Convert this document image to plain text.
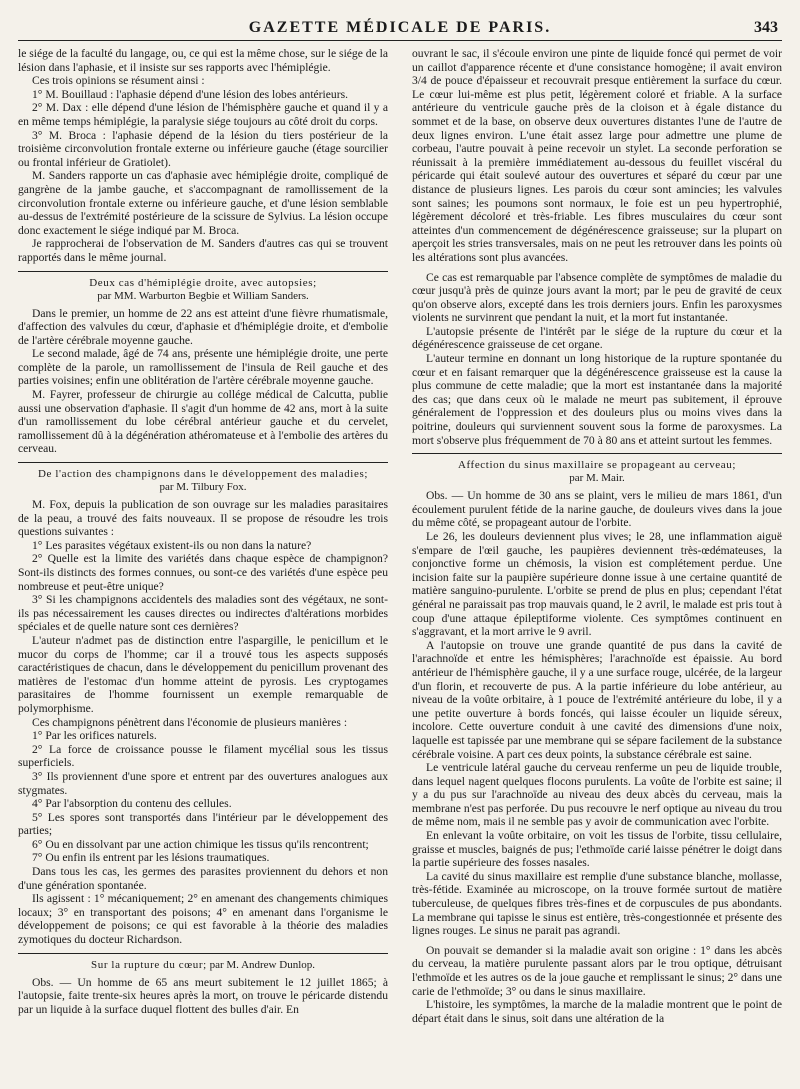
GAZETTE MÉDICALE DE PARIS.	343

le siége de la faculté du langage, ou, ce qui est la même chose, sur le siége de la lésion dans l'aphasie, et il insiste sur ses rapports avec l'hémiplégie.

Ces trois opinions se résument ainsi :

1° M. Bouillaud : l'aphasie dépend d'une lésion des lobes antérieurs.

2° M. Dax : elle dépend d'une lésion de l'hémisphère gauche et quand il y a en même temps hémiplégie, la paralysie siége toujours au côté droit du corps.

3° M. Broca : l'aphasie dépend de la lésion du tiers postérieur de la troisième circonvolution frontale externe ou inférieure gauche (étage sourcilier ou frontal inférieur de Gratiolet).

M. Sanders rapporte un cas d'aphasie avec hémiplégie droite, compliqué de gangrène de la jambe gauche, et s'accompagnant de ramollissement de la circonvolution frontale externe ou inférieure gauche, et d'une lésion semblable au-dessus de l'extrémité postérieure de la scissure de Sylvius. La lésion occupe donc exactement le siége indiqué par M. Broca.

Je rapprocherai de l'observation de M. Sanders d'autres cas qui se trouvent rapportés dans le même journal.

Deux cas d'hémiplégie droite, avec autopsies;
par MM. Warburton Begbie et William Sanders.

Dans le premier, un homme de 22 ans est atteint d'une fièvre rhumatismale, d'affection des valvules du cœur, d'aphasie et d'hémiplégie droite, et d'embolie de l'artère cérébrale moyenne gauche.

Le second malade, âgé de 74 ans, présente une hémiplégie droite, une perte complète de la parole, un ramollissement de l'insula de Reil gauche et des parties voisines; enfin une oblitération de l'artère cérébrale moyenne gauche.

M. Fayrer, professeur de chirurgie au collége médical de Calcutta, publie aussi une observation d'aphasie. Il s'agit d'un homme de 42 ans, mort à la suite d'un ramollissement du lobe cérébral antérieur gauche et du cervelet, ramollissement dû à la dégénération athéromateuse et à l'embolie des artères du cerveau.

De l'action des champignons dans le développement des maladies;
par M. Tilbury Fox.

M. Fox, depuis la publication de son ouvrage sur les maladies parasitaires de la peau, a trouvé des faits nouveaux. Il se propose de résoudre les trois questions suivantes :

1° Les parasites végétaux existent-ils ou non dans la nature?

2° Quelle est la limite des variétés dans chaque espèce de champignon? Sont-ils distincts des formes connues, ou sont-ce des variétés d'une espèce peu nombreuse et peut-être unique?

3° Si les champignons accidentels des maladies sont des végétaux, ne sont-ils pas nécessairement les causes directes ou indirectes d'altérations morbides spéciales et de quelle nature sont ces dernières?

L'auteur n'admet pas de distinction entre l'aspargille, le penicillum et le mucor du corps de l'homme; car il a trouvé tous les aspects supposés caractéristiques de chacun, dans le développement du penicillum provenant des matières de l'estomac d'un homme atteint de pyrosis. Les cryptogames parasitaires de l'homme fournissent un exemple remarquable de polymorphisme.

Ces champignons pénètrent dans l'économie de plusieurs manières :

1° Par les orifices naturels.

2° La force de croissance pousse le filament mycélial sous les tissus superficiels.

3° Ils proviennent d'une spore et entrent par des ouvertures analogues aux stygmates.

4° Par l'absorption du contenu des cellules.

5° Les spores sont transportés dans l'intérieur par le développement des parties;

6° Ou en dissolvant par une action chimique les tissus qu'ils rencontrent;

7° Ou enfin ils entrent par les lésions traumatiques.

Dans tous les cas, les germes des parasites proviennent du dehors et non d'une génération spontanée.

Ils agissent : 1° mécaniquement; 2° en amenant des changements chimiques locaux; 3° en transportant des poisons; 4° en amenant dans l'organisme le développement de poisons; ce qui est favorable à la théorie des maladies zymotiques du docteur Richardson.

Sur la rupture du cœur; par M. Andrew Dunlop.

Obs. — Un homme de 65 ans meurt subitement le 12 juillet 1865; à l'autopsie, faite trente-six heures après la mort, on trouve le péricarde distendu par un liquide à la surface duquel flottent des bulles d'air. En

ouvrant le sac, il s'écoule environ une pinte de liquide foncé qui permet de voir un caillot d'apparence récente et d'une consistance homogène; il avait environ 3/4 de pouce d'épaisseur et recouvrait presque entièrement la surface du cœur. Le cœur lui-même est plus petit, légèrement coloré et friable. A la surface antérieure du ventricule gauche près de la cloison et à égale distance du sommet et de la base, on observe deux ouvertures distantes l'une de l'autre de deux lignes environ. L'une était assez large pour admettre une plume de corbeau, l'autre pouvait à peine recevoir un stylet. La seconde perforation se réunissait à la première immédiatement au-dessous du feuillet viscéral du péricarde qui était soulevé autour des ouvertures et séparé du cœur par une distance de plusieurs lignes. Les parois du cœur sont amincies; les valvules sont saines; les poumons sont normaux, le foie est un peu hypertrophié, légèrement décoloré et très-friable. Les fibres musculaires du cœur sont atteintes d'un commencement de dégénérescence graisseuse; sur la plupart on aperçoit les stries transversales, mais on ne peut les retrouver dans les points où les altérations sont plus avancées.

Ce cas est remarquable par l'absence complète de symptômes de maladie du cœur jusqu'à près de quinze jours avant la mort; par le peu de gravité de ceux qu'on observe alors, excepté dans les trois derniers jours. Enfin les paroxysmes violents ne survinrent que pendant la nuit, et la mort fut instantanée.

L'autopsie présente de l'intérêt par le siége de la rupture du cœur et la dégénérescence graisseuse de cet organe.

L'auteur termine en donnant un long historique de la rupture spontanée du cœur et en faisant remarquer que la dégénérescence graisseuse est la cause la plus commune de cette maladie; que la mort est instantanée dans la majorité des cas; que dans ceux où le malade ne meurt pas subitement, il éprouve généralement de l'oppression et des douleurs plus ou moins vives dans la poitrine, douleurs qui surviennent souvent sous la forme de paroxysmes. La mort s'observe plus fréquemment de 70 à 80 ans et atteint surtout les femmes.

Affection du sinus maxillaire se propageant au cerveau;
par M. Mair.

Obs. — Un homme de 30 ans se plaint, vers le milieu de mars 1861, d'un écoulement purulent fétide de la narine gauche, de douleurs vives dans la joue du même côté, se propageant autour de l'orbite.

Le 26, les douleurs deviennent plus vives; le 28, une inflammation aiguë s'empare de l'œil gauche, les paupières deviennent très-œdémateuses, la conjonctive forme un chémosis, la vision est complétement perdue. Une incision faite sur la paupière supérieure donne issue à une certaine quantité de matière sanguino-purulente. L'orbite se prend de plus en plus; cependant l'état général ne paraissait pas trop mauvais quand, le 2 avril, le malade est pris tout à coup d'une attaque épileptiforme violente. Ces symptômes continuent en s'aggravant, et la mort arrive le 9 avril.

A l'autopsie on trouve une grande quantité de pus dans la cavité de l'arachnoïde et entre les hémisphères; l'arachnoïde est épaissie. Au bord antérieur de l'hémisphère gauche, il y a une surface rouge, ulcérée, de la largeur d'un florin, et recouverte de pus. A la partie inférieure du lobe antérieur, au niveau de la voûte orbitaire, à 1 pouce de l'extrémité antérieure du lobe, il y a une petite ouverture à bords foncés, qui laisse écouler un liquide séreux, incolore. Cette ouverture conduit à une cavité des dimensions d'une noix, laquelle est tapissée par une membrane qui se sépare facilement de la substance cérébrale voisine. A part ces deux points, la substance cérébrale est saine.

Le ventricule latéral gauche du cerveau renferme un peu de liquide trouble, dans lequel nagent quelques flocons purulents. La voûte de l'orbite est saine; il y a du pus sur l'arachnoïde au niveau des deux abcès du cerveau, mais la membrane n'est pas perforée. Du pus recouvre le nerf optique au niveau du trou de même nom, mais il ne semble pas y avoir de communication avec l'orbite.

En enlevant la voûte orbitaire, on voit les tissus de l'orbite, tissu cellulaire, graisse et muscles, baignés de pus; l'ethmoïde carié laisse pénétrer le doigt dans la partie supérieure des fosses nasales.

La cavité du sinus maxillaire est remplie d'une substance blanche, mollasse, très-fétide. Examinée au microscope, on la trouve formée surtout de matière tuberculeuse, de quelques fibres très-fines et de corpuscules de pus abondants. La membrane qui tapisse le sinus est entière, très-congestionnée et présente des lignes rouges. Le sinus ne parait pas agrandi.

On pouvait se demander si la maladie avait son origine : 1° dans les abcès du cerveau, la matière purulente passant alors par le trou optique, détruisant l'ethmoïde et les autres os de la joue gauche et remplissant le sinus; 2° dans une carie de l'ethmoïde; 3° ou dans le sinus maxillaire.

L'histoire, les symptômes, la marche de la maladie montrent que le point de départ était dans le sinus, soit dans une altération de la
